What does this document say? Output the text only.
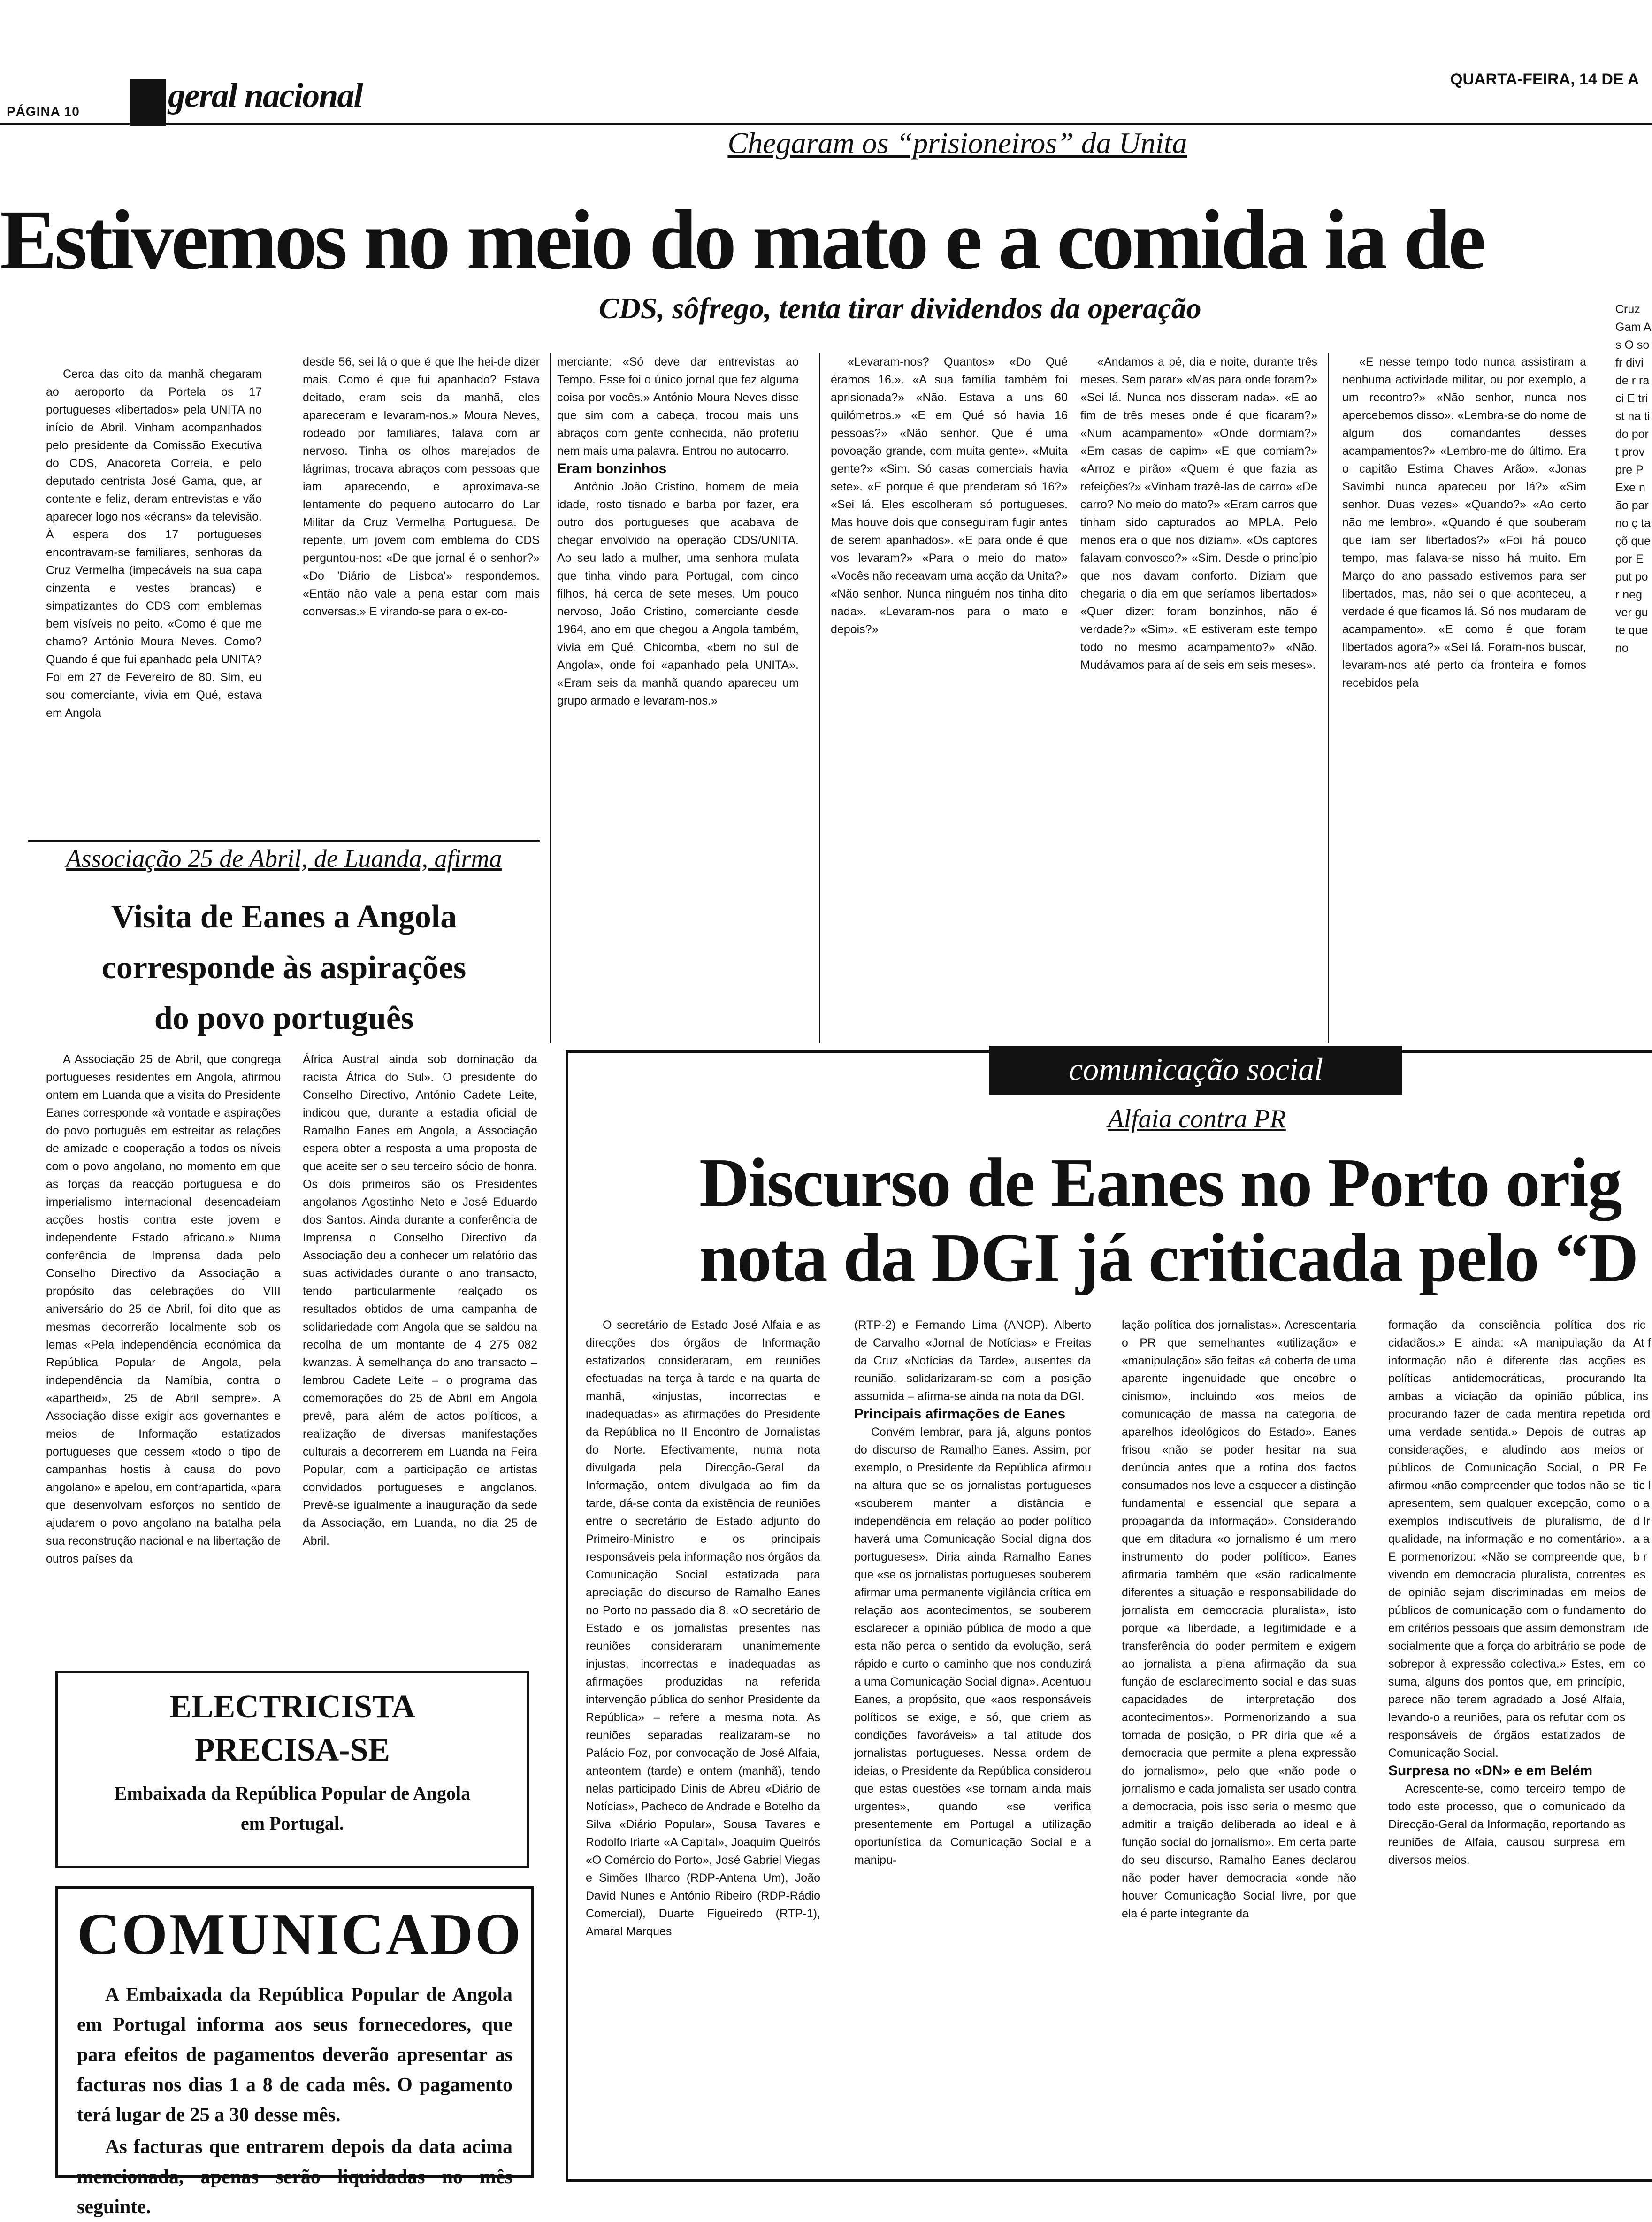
PÁGINA 10	geral nacional	QUARTA-FEIRA, 14 DE A
Chegaram os “prisioneiros” da Unita
Estivemos no meio do mato e a comida ia de
CDS, sôfrego, tenta tirar dividendos da operação

Cerca das oito da manhã chegaram ao aeroporto da Portela os 17 portugueses «libertados» pela UNITA no início de Abril. Vinham acompanhados pelo presidente da Comissão Executiva do CDS, Anacoreta Correia, e pelo deputado centrista José Gama, que, ar contente e feliz, deram entrevistas e vão aparecer logo nos «écrans» da televisão. À espera dos 17 portugueses encontravam-se familiares, senhoras da Cruz Vermelha (impecáveis na sua capa cinzenta e vestes brancas) e simpatizantes do CDS com emblemas bem visíveis no peito. «Como é que me chamo? António Moura Neves. Como? Quando é que fui apanhado pela UNITA? Foi em 27 de Fevereiro de 80. Sim, eu sou comerciante, vivia em Qué, estava em Angola

desde 56, sei lá o que é que lhe hei-de dizer mais. Como é que fui apanhado? Estava deitado, eram seis da manhã, eles apareceram e levaram-nos.» Moura Neves, rodeado por familiares, falava com ar nervoso. Tinha os olhos marejados de lágrimas, trocava abraços com pessoas que iam aparecendo, e aproximava-se lentamente do pequeno autocarro do Lar Militar da Cruz Vermelha Portuguesa. De repente, um jovem com emblema do CDS perguntou-nos: «De que jornal é o senhor?» «Do 'Diário de Lisboa'» respondemos. «Então não vale a pena estar com mais conversas.» E virando-se para o ex-co-

merciante: «Só deve dar entrevistas ao Tempo. Esse foi o único jornal que fez alguma coisa por vocês.» António Moura Neves disse que sim com a cabeça, trocou mais uns abraços com gente conhecida, não proferiu nem mais uma palavra. Entrou no autocarro.

Eram bonzinhos

António João Cristino, homem de meia idade, rosto tisnado e barba por fazer, era outro dos portugueses que acabava de chegar envolvido na operação CDS/UNITA. Ao seu lado a mulher, uma senhora mulata que tinha vindo para Portugal, com cinco filhos, há cerca de sete meses. Um pouco nervoso, João Cristino, comerciante desde 1964, ano em que chegou a Angola também, vivia em Qué, Chicomba, «bem no sul de Angola», onde foi «apanhado pela UNITA». «Eram seis da manhã quando apareceu um grupo armado e levaram-nos.»

«Levaram-nos? Quantos» «Do Qué éramos 16.». «A sua família também foi aprisionada?» «Não. Estava a uns 60 quilómetros.» «E em Qué só havia 16 pessoas?» «Não senhor. Que é uma povoação grande, com muita gente». «Muita gente?» «Sim. Só casas comerciais havia sete». «E porque é que prenderam só 16?» «Sei lá. Eles escolheram só portugueses. Mas houve dois que conseguiram fugir antes de serem apanhados». «E para onde é que vos levaram?» «Para o meio do mato» «Vocês não receavam uma acção da Unita?» «Não senhor. Nunca ninguém nos tinha dito nada». «Levaram-nos para o mato e depois?»

«Andamos a pé, dia e noite, durante três meses. Sem parar» «Mas para onde foram?» «Sei lá. Nunca nos disseram nada». «E ao fim de três meses onde é que ficaram?» «Num acampamento» «Onde dormiam?» «Em casas de capim» «E que comiam?» «Arroz e pirão» «Quem é que fazia as refeições?» «Vinham trazê-las de carro» «De carro? No meio do mato?» «Eram carros que tinham sido capturados ao MPLA. Pelo menos era o que nos diziam». «Os captores falavam convosco?» «Sim. Desde o princípio que nos davam conforto. Diziam que chegaria o dia em que seríamos libertados» «Quer dizer: foram bonzinhos, não é verdade?» «Sim». «E estiveram este tempo todo no mesmo acampamento?» «Não. Mudávamos para aí de seis em seis meses».

«E nesse tempo todo nunca assistiram a nenhuma actividade militar, ou por exemplo, a um recontro?» «Não senhor, nunca nos apercebemos disso». «Lembra-se do nome de algum dos comandantes desses acampamentos?» «Lembro-me do último. Era o capitão Estima Chaves Arão». «Jonas Savimbi nunca apareceu por lá?» «Sim senhor. Duas vezes» «Quando?» «Ao certo não me lembro». «Quando é que souberam que iam ser libertados?» «Foi há pouco tempo, mas falava-se nisso há muito. Em Março do ano passado estivemos para ser libertados, mas, não sei o que aconteceu, a verdade é que ficamos lá. Só nos mudaram de acampamento». «E como é que foram libertados agora?» «Sei lá. Foram-nos buscar, levaram-nos até perto da fronteira e fomos recebidos pela

Cruz Gam A s O sofr divi de r raci E trist na tido port prov pre P Exe não par no ç taçõ que por E put por neg ver gu te que no

Associação 25 de Abril, de Luanda, afirma
Visita de Eanes a Angola
corresponde às aspirações
do povo português

A Associação 25 de Abril, que congrega portugueses residentes em Angola, afirmou ontem em Luanda que a visita do Presidente Eanes corresponde «à vontade e aspirações do povo português em estreitar as relações de amizade e cooperação a todos os níveis com o povo angolano, no momento em que as forças da reacção portuguesa e do imperialismo internacional desencadeiam acções hostis contra este jovem e independente Estado africano.» Numa conferência de Imprensa dada pelo Conselho Directivo da Associação a propósito das celebrações do VIII aniversário do 25 de Abril, foi dito que as mesmas decorrerão localmente sob os lemas «Pela independência económica da República Popular de Angola, pela independência da Namíbia, contra o «apartheid», 25 de Abril sempre». A Associação disse exigir aos governantes e meios de Informação estatizados portugueses que cessem «todo o tipo de campanhas hostis à causa do povo angolano» e apelou, em contrapartida, «para que desenvolvam esforços no sentido de ajudarem o povo angolano na batalha pela sua reconstrução nacional e na libertação de outros países da

África Austral ainda sob dominação da racista África do Sul». O presidente do Conselho Directivo, António Cadete Leite, indicou que, durante a estadia oficial de Ramalho Eanes em Angola, a Associação espera obter a resposta a uma proposta de que aceite ser o seu terceiro sócio de honra. Os dois primeiros são os Presidentes angolanos Agostinho Neto e José Eduardo dos Santos. Ainda durante a conferência de Imprensa o Conselho Directivo da Associação deu a conhecer um relatório das suas actividades durante o ano transacto, tendo particularmente realçado os resultados obtidos de uma campanha de solidariedade com Angola que se saldou na recolha de um montante de 4 275 082 kwanzas. À semelhança do ano transacto – lembrou Cadete Leite – o programa das comemorações do 25 de Abril em Angola prevê, para além de actos políticos, a realização de diversas manifestações culturais a decorrerem em Luanda na Feira Popular, com a participação de artistas convidados portugueses e angolanos. Prevê-se igualmente a inauguração da sede da Associação, em Luanda, no dia 25 de Abril.

ELECTRICISTA
PRECISA-SE
Embaixada da República Popular de Angola
em Portugal.
COMUNICADO
A Embaixada da República Popular de Angola em Portugal informa aos seus fornecedores, que para efeitos de pagamentos deverão apresentar as facturas nos dias 1 a 8 de cada mês. O pagamento terá lugar de 25 a 30 desse mês.
As facturas que entrarem depois da data acima mencionada, apenas serão liquidadas no mês seguinte.
comunicação social
Alfaia contra PR
Discurso de Eanes no Porto orig
nota da DGI já criticada pelo “D

O secretário de Estado José Alfaia e as direcções dos órgãos de Informação estatizados consideraram, em reuniões efectuadas na terça à tarde e na quarta de manhã, «injustas, incorrectas e inadequadas» as afirmações do Presidente da República no II Encontro de Jornalistas do Norte. Efectivamente, numa nota divulgada pela Direcção-Geral da Informação, ontem divulgada ao fim da tarde, dá-se conta da existência de reuniões entre o secretário de Estado adjunto do Primeiro-Ministro e os principais responsáveis pela informação nos órgãos da Comunicação Social estatizada para apreciação do discurso de Ramalho Eanes no Porto no passado dia 8. «O secretário de Estado e os jornalistas presentes nas reuniões consideraram unanimemente injustas, incorrectas e inadequadas as afirmações produzidas na referida intervenção pública do senhor Presidente da República» – refere a mesma nota. As reuniões separadas realizaram-se no Palácio Foz, por convocação de José Alfaia, anteontem (tarde) e ontem (manhã), tendo nelas participado Dinis de Abreu «Diário de Notícias», Pacheco de Andrade e Botelho da Silva «Diário Popular», Sousa Tavares e Rodolfo Iriarte «A Capital», Joaquim Queirós «O Comércio do Porto», José Gabriel Viegas e Simões Ilharco (RDP-Antena Um), João David Nunes e António Ribeiro (RDP-Rádio Comercial), Duarte Figueiredo (RTP-1), Amaral Marques

(RTP-2) e Fernando Lima (ANOP). Alberto de Carvalho «Jornal de Notícias» e Freitas da Cruz «Notícias da Tarde», ausentes da reunião, solidarizaram-se com a posição assumida – afirma-se ainda na nota da DGI.

Principais afirmações de Eanes

Convém lembrar, para já, alguns pontos do discurso de Ramalho Eanes. Assim, por exemplo, o Presidente da República afirmou na altura que se os jornalistas portugueses «souberem manter a distância e independência em relação ao poder político haverá uma Comunicação Social digna dos portugueses». Diria ainda Ramalho Eanes que «se os jornalistas portugueses souberem afirmar uma permanente vigilância crítica em relação aos acontecimentos, se souberem esclarecer a opinião pública de modo a que esta não perca o sentido da evolução, será rápido e curto o caminho que nos conduzirá a uma Comunicação Social digna». Acentuou Eanes, a propósito, que «aos responsáveis políticos se exige, e só, que criem as condições favoráveis» a tal atitude dos jornalistas portugueses. Nessa ordem de ideias, o Presidente da República considerou que estas questões «se tornam ainda mais urgentes», quando «se verifica presentemente em Portugal a utilização oportunística da Comunicação Social e a manipu-

lação política dos jornalistas». Acrescentaria o PR que semelhantes «utilização» e «manipulação» são feitas «à coberta de uma aparente ingenuidade que encobre o cinismo», incluindo «os meios de comunicação de massa na categoria de aparelhos ideológicos do Estado». Eanes frisou «não se poder hesitar na sua denúncia antes que a rotina dos factos consumados nos leve a esquecer a distinção fundamental e essencial que separa a propaganda da informação». Considerando que em ditadura «o jornalismo é um mero instrumento do poder político». Eanes afirmaria também que «são radicalmente diferentes a situação e responsabilidade do jornalista em democracia pluralista», isto porque «a liberdade, a legitimidade e a transferência do poder permitem e exigem ao jornalista a plena afirmação da sua função de esclarecimento social e das suas capacidades de interpretação dos acontecimentos». Pormenorizando a sua tomada de posição, o PR diria que «é a democracia que permite a plena expressão do jornalismo», pelo que «não pode o jornalismo e cada jornalista ser usado contra a democracia, pois isso seria o mesmo que admitir a traição deliberada ao ideal e à função social do jornalismo». Em certa parte do seu discurso, Ramalho Eanes declarou não poder haver democracia «onde não houver Comunicação Social livre, por que ela é parte integrante da

formação da consciência política dos cidadãos.» E ainda: «A manipulação da informação não é diferente das acções políticas antidemocráticas, procurando ambas a viciação da opinião pública, procurando fazer de cada mentira repetida uma verdade sentida.» Depois de outras considerações, e aludindo aos meios públicos de Comunicação Social, o PR afirmou «não compreender que todos não se apresentem, sem qualquer excepção, como exemplos indiscutíveis de pluralismo, de qualidade, na informação e no comentário». E pormenorizou: «Não se compreende que, vivendo em democracia pluralista, correntes de opinião sejam discriminadas em meios públicos de comunicação com o fundamento em critérios pessoais que assim demonstram socialmente que a força do arbitrário se pode sobrepor à expressão colectiva.» Estes, em suma, alguns dos pontos que, em princípio, parece não terem agradado a José Alfaia, levando-o a reuniões, para os refutar com os responsáveis de órgãos estatizados de Comunicação Social.

Surpresa no «DN» e em Belém

Acrescente-se, como terceiro tempo de todo este processo, que o comunicado da Direcção-Geral da Informação, reportando as reuniões de Alfaia, causou surpresa em diversos meios.

ric At fes Ita ins ord ap or Fe tic lo a d Ira ab res de do ide de co
